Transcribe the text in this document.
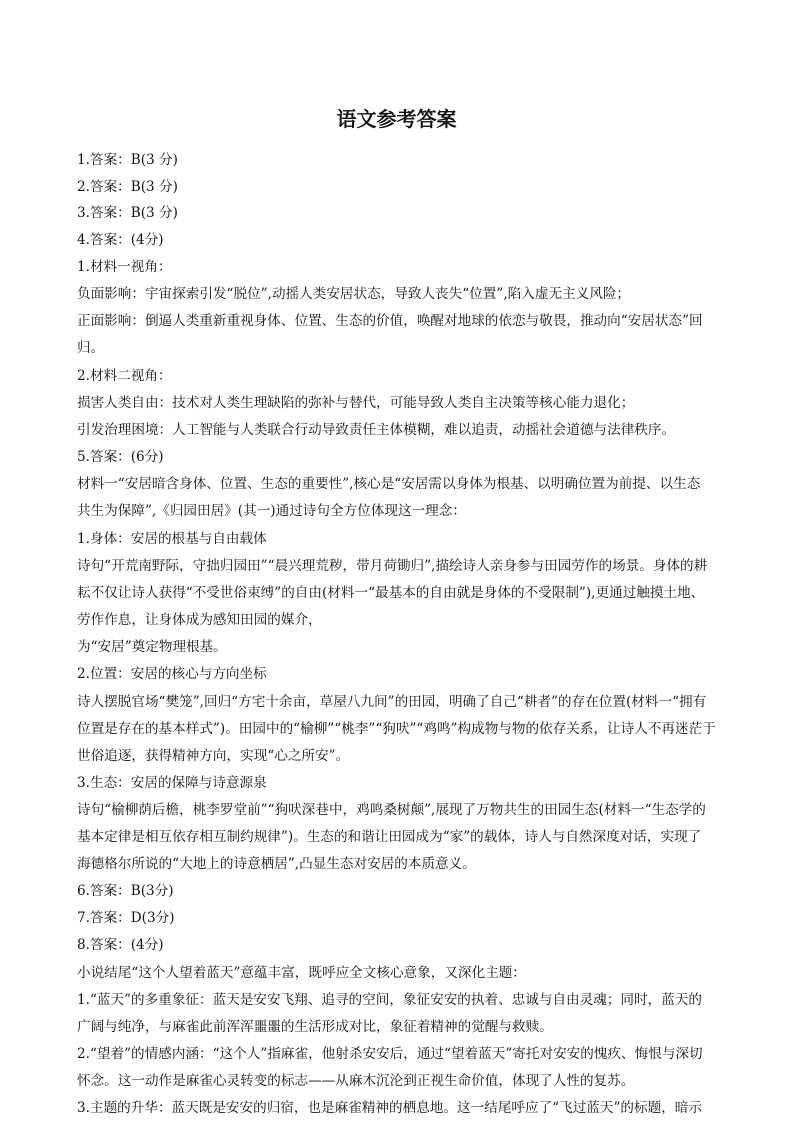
语文参考答案
1.答案：B(3 分)
2.答案：B(3 分)
3.答案：B(3 分)
4.答案：(4分)
1.材料一视角：
负面影响：宇宙探索引发“脱位”,动摇人类安居状态，导致人丧失“位置”,陷入虚无主义风险；
正面影响：倒逼人类重新重视身体、位置、生态的价值，唤醒对地球的依恋与敬畏，推动向“安居状态”回
归。
2.材料二视角：
损害人类自由：技术对人类生理缺陷的弥补与替代，可能导致人类自主决策等核心能力退化；
引发治理困境：人工智能与人类联合行动导致责任主体模糊，难以追责，动摇社会道德与法律秩序。
5.答案：(6分)
材料一“安居暗含身体、位置、生态的重要性”,核心是“安居需以身体为根基、以明确位置为前提、以生态
共生为保障”,《归园田居》(其一)通过诗句全方位体现这一理念：
1.身体：安居的根基与自由载体
诗句“开荒南野际，守拙归园田”“晨兴理荒秽，带月荷锄归”,描绘诗人亲身参与田园劳作的场景。身体的耕
耘不仅让诗人获得“不受世俗束缚”的自由(材料一“最基本的自由就是身体的不受限制”),更通过触摸土地、
劳作作息，让身体成为感知田园的媒介，
为“安居”奠定物理根基。
2.位置：安居的核心与方向坐标
诗人摆脱官场“樊笼”,回归“方宅十余亩，草屋八九间”的田园，明确了自己“耕者”的存在位置(材料一“拥有
位置是存在的基本样式”)。田园中的“榆柳”“桃李”“狗吠”“鸡鸣”构成物与物的依存关系，让诗人不再迷茫于
世俗追逐，获得精神方向，实现“心之所安”。
3.生态：安居的保障与诗意源泉
诗句“榆柳荫后檐，桃李罗堂前”“狗吠深巷中，鸡鸣桑树颠”,展现了万物共生的田园生态(材料一“生态学的
基本定律是相互依存相互制约规律”)。生态的和谐让田园成为“家”的载体，诗人与自然深度对话，实现了
海德格尔所说的“大地上的诗意栖居”,凸显生态对安居的本质意义。
6.答案：B(3分)
7.答案：D(3分)
8.答案：(4分)
小说结尾“这个人望着蓝天”意蕴丰富，既呼应全文核心意象，又深化主题：
1.“蓝天”的多重象征：蓝天是安安飞翔、追寻的空间，象征安安的执着、忠诚与自由灵魂；同时，蓝天的
广阔与纯净，与麻雀此前浑浑噩噩的生活形成对比，象征着精神的觉醒与救赎。
2.“望着”的情感内涵：“这个人”指麻雀，他射杀安安后，通过“望着蓝天”寄托对安安的愧疚、悔恨与深切
怀念。这一动作是麻雀心灵转变的标志——从麻木沉沦到正视生命价值，体现了人性的复苏。
3.主题的升华：蓝天既是安安的归宿，也是麻雀精神的栖息地。这一结尾呼应了“飞过蓝天”的标题，暗示
